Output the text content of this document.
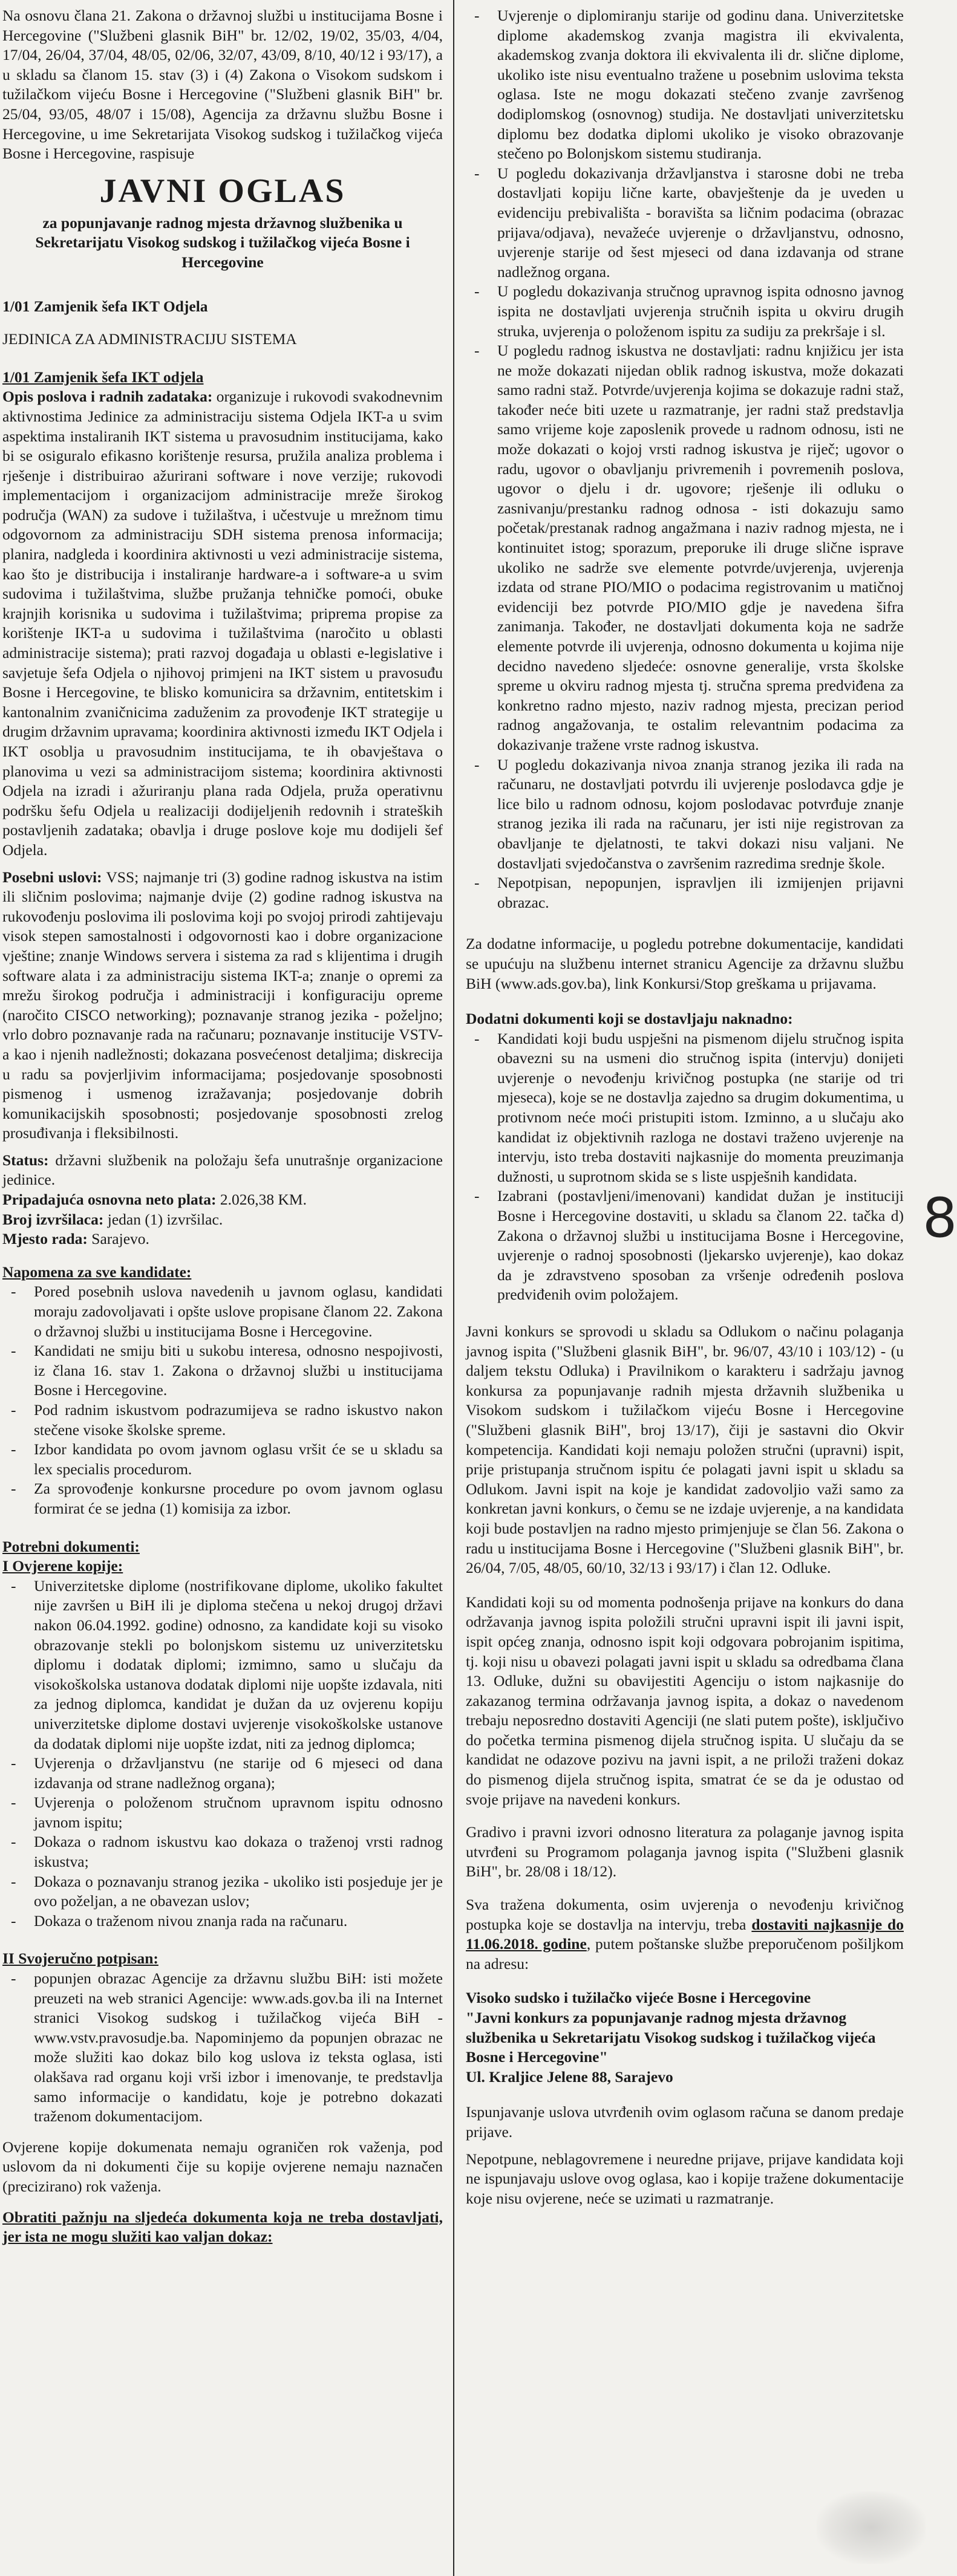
Na osnovu člana 21. Zakona o državnoj službi u institucijama Bosne i Hercegovine ("Službeni glasnik BiH" br. 12/02, 19/02, 35/03, 4/04, 17/04, 26/04, 37/04, 48/05, 02/06, 32/07, 43/09, 8/10, 40/12 i 93/17), a u skladu sa članom 15. stav (3) i (4) Zakona o Visokom sudskom i tužilačkom vijeću Bosne i Hercegovine ("Službeni glasnik BiH" br. 25/04, 93/05, 48/07 i 15/08), Agencija za državnu službu Bosne i Hercegovine, u ime Sekretarijata Visokog sudskog i tužilačkog vijeća Bosne i Hercegovine, raspisuje

JAVNI OGLAS
za popunjavanje radnog mjesta državnog službenika u Sekretarijatu Visokog sudskog i tužilačkog vijeća Bosne i Hercegovine
1/01 Zamjenik šefa IKT Odjela
JEDINICA ZA ADMINISTRACIJU SISTEMA
1/01 Zamjenik šefa IKT odjela

Opis poslova i radnih zadataka: organizuje i rukovodi svakodnevnim aktivnostima Jedinice za administraciju sistema Odjela IKT-a u svim aspektima instaliranih IKT sistema u pravosudnim institucijama, kako bi se osiguralo efikasno korištenje resursa, pružila analiza problema i rješenje i distribuirao ažurirani software i nove verzije; rukovodi implementacijom i organizacijom administracije mreže širokog područja (WAN) za sudove i tužilaštva, i učestvuje u mrežnom timu odgovornom za administraciju SDH sistema prenosa informacija; planira, nadgleda i koordinira aktivnosti u vezi administracije sistema, kao što je distribucija i instaliranje hardware-a i software-a u svim sudovima i tužilaštvima, službe pružanja tehničke pomoći, obuke krajnjih korisnika u sudovima i tužilaštvima; priprema propise za korištenje IKT-a u sudovima i tužilaštvima (naročito u oblasti administracije sistema); prati razvoj događaja u oblasti e-legislative i savjetuje šefa Odjela o njihovoj primjeni na IKT sistem u pravosuđu Bosne i Hercegovine, te blisko komunicira sa državnim, entitetskim i kantonalnim zvaničnicima zaduženim za provođenje IKT strategije u drugim državnim upravama; koordinira aktivnosti između IKT Odjela i IKT osoblja u pravosudnim institucijama, te ih obavještava o planovima u vezi sa administracijom sistema; koordinira aktivnosti Odjela na izradi i ažuriranju plana rada Odjela, pruža operativnu podršku šefu Odjela u realizaciji dodijeljenih redovnih i strateških postavljenih zadataka; obavlja i druge poslove koje mu dodijeli šef Odjela.

Posebni uslovi: VSS; najmanje tri (3) godine radnog iskustva na istim ili sličnim poslovima; najmanje dvije (2) godine radnog iskustva na rukovođenju poslovima ili poslovima koji po svojoj prirodi zahtijevaju visok stepen samostalnosti i odgovornosti kao i dobre organizacione vještine; znanje Windows servera i sistema za rad s klijentima i drugih software alata i za administraciju sistema IKT-a; znanje o opremi za mrežu širokog područja i administraciji i konfiguraciju opreme (naročito CISCO networking); poznavanje stranog jezika - poželjno; vrlo dobro poznavanje rada na računaru; poznavanje institucije VSTV-a kao i njenih nadležnosti; dokazana posvećenost detaljima; diskrecija u radu sa povjerljivim informacijama; posjedovanje sposobnosti pismenog i usmenog izražavanja; posjedovanje dobrih komunikacijskih sposobnosti; posjedovanje sposobnosti zrelog prosuđivanja i fleksibilnosti.

Status: državni službenik na položaju šefa unutrašnje organizacione jedinice.
Pripadajuća osnovna neto plata: 2.026,38 KM.
Broj izvršilaca: jedan (1) izvršilac.

Mjesto rada: Sarajevo.

Napomena za sve kandidate:
- Pored posebnih uslova navedenih u javnom oglasu, kandidati moraju zadovoljavati i opšte uslove propisane članom 22. Zakona o državnoj službi u institucijama Bosne i Hercegovine.
- Kandidati ne smiju biti u sukobu interesa, odnosno nespojivosti, iz člana 16. stav 1. Zakona o državnoj službi u institucijama Bosne i Hercegovine.
- Pod radnim iskustvom podrazumijeva se radno iskustvo nakon stečene visoke školske spreme.
- Izbor kandidata po ovom javnom oglasu vršit će se u skladu sa lex specialis procedurom.
- Za sprovođenje konkursne procedure po ovom javnom oglasu formirat će se jedna (1) komisija za izbor.
Potrebni dokumenti:
I Ovjerene kopije:
- Univerzitetske diplome (nostrifikovane diplome, ukoliko fakultet nije završen u BiH ili je diploma stečena u nekoj drugoj državi nakon 06.04.1992. godine) odnosno, za kandidate koji su visoko obrazovanje stekli po bolonjskom sistemu uz univerzitetsku diplomu i dodatak diplomi; izmimno, samo u slučaju da visokoškolska ustanova dodatak diplomi nije uopšte izdavala, niti za jednog diplomca, kandidat je dužan da uz ovjerenu kopiju univerzitetske diplome dostavi uvjerenje visokoškolske ustanove da dodatak diplomi nije uopšte izdat, niti za jednog diplomca;
- Uvjerenja o državljanstvu (ne starije od 6 mjeseci od dana izdavanja od strane nadležnog organa);
- Uvjerenja o položenom stručnom upravnom ispitu odnosno javnom ispitu;
- Dokaza o radnom iskustvu kao dokaza o traženoj vrsti radnog iskustva;
- Dokaza o poznavanju stranog jezika - ukoliko isti posjeduje jer je ovo poželjan, a ne obavezan uslov;
- Dokaza o traženom nivou znanja rada na računaru.
II Svojeručno potpisan:
- popunjen obrazac Agencije za državnu službu BiH: isti možete preuzeti na web stranici Agencije: www.ads.gov.ba ili na Internet stranici Visokog sudskog i tužilačkog vijeća BiH - www.vstv.pravosudje.ba. Napominjemo da popunjen obrazac ne može služiti kao dokaz bilo kog uslova iz teksta oglasa, isti olakšava rad organu koji vrši izbor i imenovanje, te predstavlja samo informacije o kandidatu, koje je potrebno dokazati traženom dokumentacijom.

Ovjerene kopije dokumenata nemaju ograničen rok važenja, pod uslovom da ni dokumenti čije su kopije ovjerene nemaju naznačen (precizirano) rok važenja.

Obratiti pažnju na sljedeća dokumenta koja ne treba dostavljati, jer ista ne mogu služiti kao valjan dokaz:

- Uvjerenje o diplomiranju starije od godinu dana. Univerzitetske diplome akademskog zvanja magistra ili ekvivalenta, akademskog zvanja doktora ili ekvivalenta ili dr. slične diplome, ukoliko iste nisu eventualno tražene u posebnim uslovima teksta oglasa. Iste ne mogu dokazati stečeno zvanje završenog dodiplomskog (osnovnog) studija. Ne dostavljati univerzitetsku diplomu bez dodatka diplomi ukoliko je visoko obrazovanje stečeno po Bolonjskom sistemu studiranja.
- U pogledu dokazivanja državljanstva i starosne dobi ne treba dostavljati kopiju lične karte, obavještenje da je uveden u evidenciju prebivališta - boravišta sa ličnim podacima (obrazac prijava/odjava), nevažeće uvjerenje o državljanstvu, odnosno, uvjerenje starije od šest mjeseci od dana izdavanja od strane nadležnog organa.
- U pogledu dokazivanja stručnog upravnog ispita odnosno javnog ispita ne dostavljati uvjerenja stručnih ispita u okviru drugih struka, uvjerenja o položenom ispitu za sudiju za prekršaje i sl.
- U pogledu radnog iskustva ne dostavljati: radnu knjižicu jer ista ne može dokazati nijedan oblik radnog iskustva, može dokazati samo radni staž. Potvrde/uvjerenja kojima se dokazuje radni staž, također neće biti uzete u razmatranje, jer radni staž predstavlja samo vrijeme koje zaposlenik provede u radnom odnosu, isti ne može dokazati o kojoj vrsti radnog iskustva je riječ; ugovor o radu, ugovor o obavljanju privremenih i povremenih poslova, ugovor o djelu i dr. ugovore; rješenje ili odluku o zasnivanju/prestanku radnog odnosa - isti dokazuju samo početak/prestanak radnog angažmana i naziv radnog mjesta, ne i kontinuitet istog; sporazum, preporuke ili druge slične isprave ukoliko ne sadrže sve elemente potvrde/uvjerenja, uvjerenja izdata od strane PIO/MIO o podacima registrovanim u matičnoj evidenciji bez potvrde PIO/MIO gdje je navedena šifra zanimanja. Također, ne dostavljati dokumenta koja ne sadrže elemente potvrde ili uvjerenja, odnosno dokumenta u kojima nije decidno navedeno sljedeće: osnovne generalije, vrsta školske spreme u okviru radnog mjesta tj. stručna sprema predviđena za konkretno radno mjesto, naziv radnog mjesta, precizan period radnog angažovanja, te ostalim relevantnim podacima za dokazivanje tražene vrste radnog iskustva.
- U pogledu dokazivanja nivoa znanja stranog jezika ili rada na računaru, ne dostavljati potvrdu ili uvjerenje poslodavca gdje je lice bilo u radnom odnosu, kojom poslodavac potvrđuje znanje stranog jezika ili rada na računaru, jer isti nije registrovan za obavljanje te djelatnosti, te takvi dokazi nisu valjani. Ne dostavljati svjedočanstva o završenim razredima srednje škole.
- Nepotpisan, nepopunjen, ispravljen ili izmijenjen prijavni obrazac.

Za dodatne informacije, u pogledu potrebne dokumentacije, kandidati se upućuju na službenu internet stranicu Agencije za državnu službu BiH (www.ads.gov.ba), link Konkursi/Stop greškama u prijavama.

Dodatni dokumenti koji se dostavljaju naknadno:
- Kandidati koji budu uspješni na pismenom dijelu stručnog ispita obavezni su na usmeni dio stručnog ispita (intervju) donijeti uvjerenje o nevođenju krivičnog postupka (ne starije od tri mjeseca), koje se ne dostavlja zajedno sa drugim dokumentima, u protivnom neće moći pristupiti istom. Izminno, a u slučaju ako kandidat iz objektivnih razloga ne dostavi traženo uvjerenje na intervju, isto treba dostaviti najkasnije do momenta preuzimanja dužnosti, u suprotnom skida se s liste uspješnih kandidata.
- Izabrani (postavljeni/imenovani) kandidat dužan je instituciji Bosne i Hercegovine dostaviti, u skladu sa članom 22. tačka d) Zakona o državnoj službi u institucijama Bosne i Hercegovine, uvjerenje o radnoj sposobnosti (ljekarsko uvjerenje), kao dokaz da je zdravstveno sposoban za vršenje određenih poslova predviđenih ovim položajem.

Javni konkurs se sprovodi u skladu sa Odlukom o načinu polaganja javnog ispita ("Službeni glasnik BiH", br. 96/07, 43/10 i 103/12) - (u daljem tekstu Odluka) i Pravilnikom o karakteru i sadržaju javnog konkursa za popunjavanje radnih mjesta državnih službenika u Visokom sudskom i tužilačkom vijeću Bosne i Hercegovine ("Službeni glasnik BiH", broj 13/17), čiji je sastavni dio Okvir kompetencija. Kandidati koji nemaju položen stručni (upravni) ispit, prije pristupanja stručnom ispitu će polagati javni ispit u skladu sa Odlukom. Javni ispit na koje je kandidat zadovoljio važi samo za konkretan javni konkurs, o čemu se ne izdaje uvjerenje, a na kandidata koji bude postavljen na radno mjesto primjenjuje se član 56. Zakona o radu u institucijama Bosne i Hercegovine ("Službeni glasnik BiH", br. 26/04, 7/05, 48/05, 60/10, 32/13 i 93/17) i član 12. Odluke.

Kandidati koji su od momenta podnošenja prijave na konkurs do dana održavanja javnog ispita položili stručni upravni ispit ili javni ispit, ispit općeg znanja, odnosno ispit koji odgovara pobrojanim ispitima, tj. koji nisu u obavezi polagati javni ispit u skladu sa odredbama člana 13. Odluke, dužni su obavijestiti Agenciju o istom najkasnije do zakazanog termina održavanja javnog ispita, a dokaz o navedenom trebaju neposredno dostaviti Agenciji (ne slati putem pošte), isključivo do početka termina pismenog dijela stručnog ispita. U slučaju da se kandidat ne odazove pozivu na javni ispit, a ne priloži traženi dokaz do pismenog dijela stručnog ispita, smatrat će se da je odustao od svoje prijave na navedeni konkurs.

Gradivo i pravni izvori odnosno literatura za polaganje javnog ispita utvrđeni su Programom polaganja javnog ispita ("Službeni glasnik BiH", br. 28/08 i 18/12).

Sva tražena dokumenta, osim uvjerenja o nevođenju krivičnog postupka koje se dostavlja na intervju, treba dostaviti najkasnije do 11.06.2018. godine, putem poštanske službe preporučenom pošiljkom na adresu:

Visoko sudsko i tužilačko vijeće Bosne i Hercegovine
"Javni konkurs za popunjavanje radnog mjesta državnog službenika u Sekretarijatu Visokog sudskog i tužilačkog vijeća Bosne i Hercegovine"
Ul. Kraljice Jelene 88, Sarajevo

Ispunjavanje uslova utvrđenih ovim oglasom računa se danom predaje prijave.

Nepotpune, neblagovremene i neurednе prijave, prijave kandidata koji ne ispunjavaju uslove ovog oglasa, kao i kopije tražene dokumentacije koje nisu ovjerene, neće se uzimati u razmatranje.

8
